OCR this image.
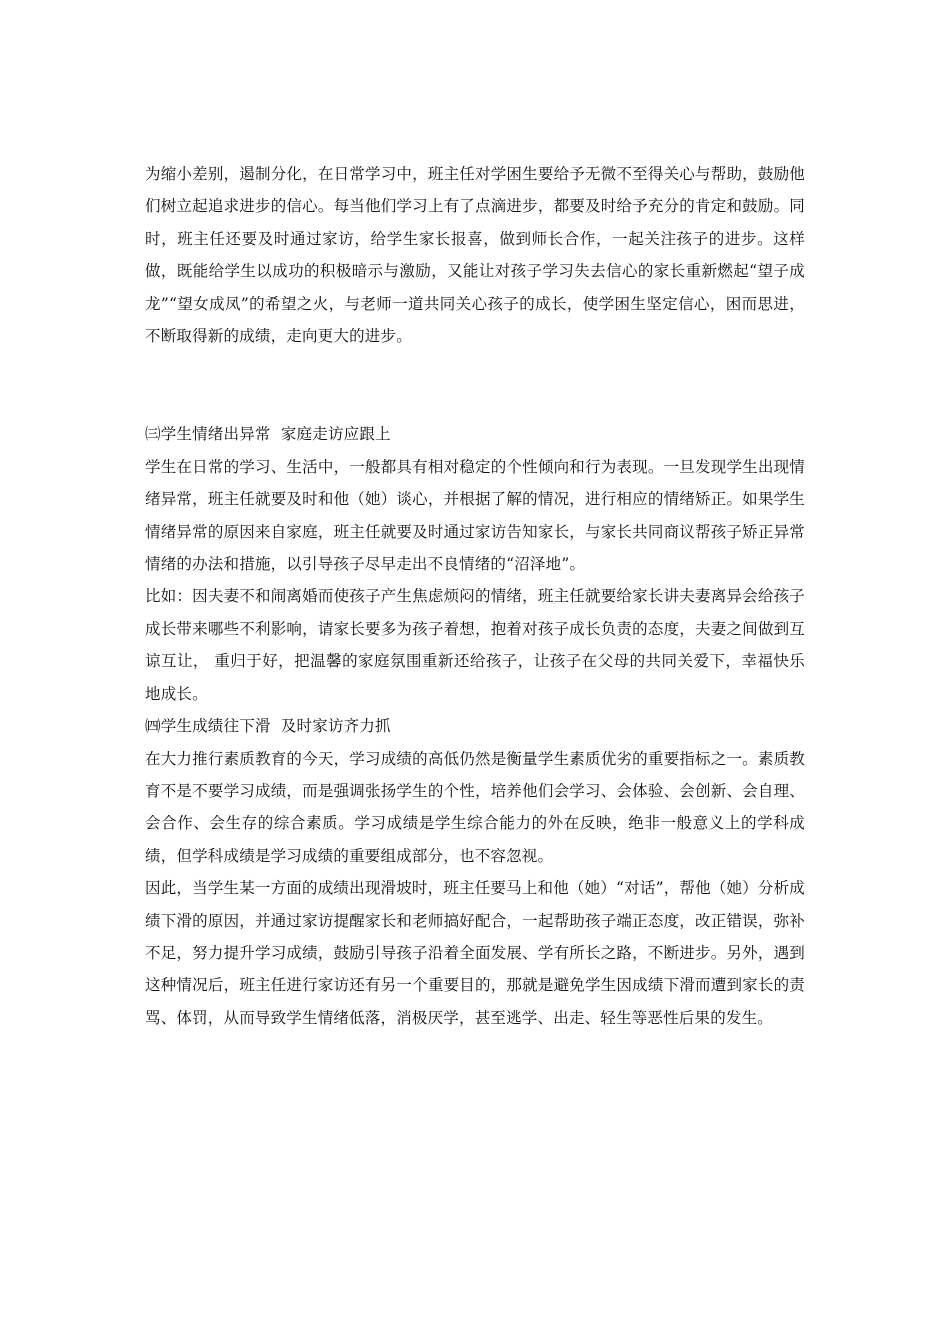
为缩小差别，遏制分化，在日常学习中，班主任对学困生要给予无微不至得关心与帮助，鼓励他们树立起追求进步的信心。每当他们学习上有了点滴进步，都要及时给予充分的肯定和鼓励。同时，班主任还要及时通过家访，给学生家长报喜，做到师长合作，一起关注孩子的进步。这样做，既能给学生以成功的积极暗示与激励，又能让对孩子学习失去信心的家长重新燃起“望子成龙”“望女成凤”的希望之火，与老师一道共同关心孩子的成长，使学困生坚定信心，困而思进，不断取得新的成绩，走向更大的进步。

㈢学生情绪出异常  家庭走访应跟上

学生在日常的学习、生活中，一般都具有相对稳定的个性倾向和行为表现。一旦发现学生出现情绪异常，班主任就要及时和他（她）谈心，并根据了解的情况，进行相应的情绪矫正。如果学生情绪异常的原因来自家庭，班主任就要及时通过家访告知家长，与家长共同商议帮孩子矫正异常情绪的办法和措施，以引导孩子尽早走出不良情绪的“沼泽地”。

比如：因夫妻不和闹离婚而使孩子产生焦虑烦闷的情绪，班主任就要给家长讲夫妻离异会给孩子成长带来哪些不利影响，请家长要多为孩子着想，抱着对孩子成长负责的态度，夫妻之间做到互谅互让， 重归于好，把温馨的家庭氛围重新还给孩子，让孩子在父母的共同关爱下，幸福快乐地成长。

㈣学生成绩往下滑  及时家访齐力抓

在大力推行素质教育的今天，学习成绩的高低仍然是衡量学生素质优劣的重要指标之一。素质教育不是不要学习成绩，而是强调张扬学生的个性，培养他们会学习、会体验、会创新、会自理、会合作、会生存的综合素质。学习成绩是学生综合能力的外在反映，绝非一般意义上的学科成绩，但学科成绩是学习成绩的重要组成部分，也不容忽视。

因此，当学生某一方面的成绩出现滑坡时，班主任要马上和他（她）“对话”，帮他（她）分析成绩下滑的原因，并通过家访提醒家长和老师搞好配合，一起帮助孩子端正态度，改正错误，弥补不足，努力提升学习成绩，鼓励引导孩子沿着全面发展、学有所长之路，不断进步。另外，遇到这种情况后，班主任进行家访还有另一个重要目的，那就是避免学生因成绩下滑而遭到家长的责骂、体罚，从而导致学生情绪低落，消极厌学，甚至逃学、出走、轻生等恶性后果的发生。
